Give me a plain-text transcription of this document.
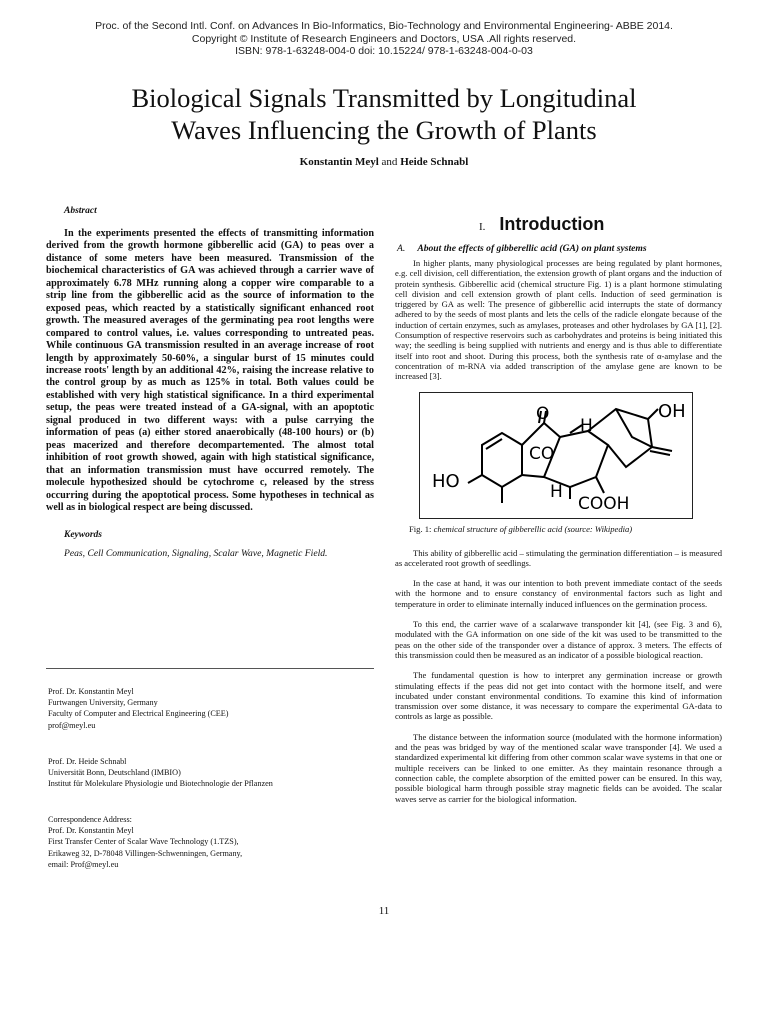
Proc. of the Second Intl. Conf. on Advances In Bio-Informatics, Bio-Technology and Environmental Engineering- ABBE 2014.
Copyright © Institute of Research Engineers and Doctors, USA .All rights reserved.
ISBN: 978-1-63248-004-0 doi: 10.15224/ 978-1-63248-004-0-03
Biological Signals Transmitted by Longitudinal
Waves Influencing the Growth of Plants
Konstantin Meyl and Heide Schnabl
Abstract

In the experiments presented the effects of transmitting information derived from the growth hormone gibberellic acid (GA) to peas over a distance of some meters have been measured. Transmission of the biochemical characteristics of GA was achieved through a carrier wave of approximately 6.78 MHz running along a copper wire comparable to a strip line from the gibberellic acid as the source of information to the exposed peas, which reacted by a statistically significant enhanced root growth. The measured averages of the germinating pea root lengths were compared to control values, i.e. values corresponding to untreated peas. While continuous GA transmission resulted in an average increase of root length by approximately 50-60%, a singular burst of 15 minutes could increase roots' length by an additional 42%, raising the increase relative to the control group by as much as 125% in total. Both values could be established with very high statistical significance. In a third experimental setup, the peas were treated instead of a GA-signal, with an apoptotic signal produced in two different ways: with a pulse carrying the information of peas (a) either stored anaerobically (48-100 hours) or (b) peas macerized and therefore decompartemented. The almost total inhibition of root growth showed, again with high statistical significance, that an information transmission must have occurred remotely. The molecule hypothesized should be cytochrome c, released by the stress occurring during the apoptotical process. Some hypotheses in technical as well as in biological respect are being discussed.

Keywords

Peas, Cell Communication, Signaling, Scalar Wave, Magnetic Field.

Prof. Dr. Konstantin Meyl
Furtwangen University, Germany
Faculty of Computer and Electrical Engineering (CEE)
prof@meyl.eu
Prof. Dr. Heide Schnabl
Universität Bonn, Deutschland (IMBIO)
Institut für Molekulare Physiologie und Biotechnologie der Pflanzen
Correspondence Address:
Prof. Dr. Konstantin Meyl
First Transfer Center of Scalar Wave Technology (1.TZS),
Erikaweg 32, D-78048 Villingen-Schwenningen, Germany,
email: Prof@meyl.eu
I. Introduction
A. About the effects of gibberellic acid (GA) on plant systems

In higher plants, many physiological processes are being regulated by plant hormones, e.g. cell division, cell differentiation, the extension growth of plant organs and the induction of protein synthesis. Gibberellic acid (chemical structure Fig. 1) is a plant hormone stimulating cell division and cell extension growth of plant cells. Induction of seed germination is triggered by GA as well: The presence of gibberellic acid interrupts the state of dormancy adhered to by the seeds of most plants and lets the cells of the radicle elongate because of the induction of certain enzymes, such as amylases, proteases and other hydrolases by GA [1], [2]. Consumption of respective reservoirs such as carbohydrates and proteins is being initiated this way; the seedling is being supplied with nutrients and energy and is thus able to differentiate itself into root and shoot. During this process, both the synthesis rate of α-amylase and the concentration of m-RNA via added transcription of the amylase gene are known to be increased [3].

OH
H
CO
O
HO	H
COOH
Fig. 1: chemical structure of gibberellic acid (source: Wikipedia)

This ability of gibberellic acid – stimulating the germination differentiation – is measured as accelerated root growth of seedlings.

In the case at hand, it was our intention to both prevent immediate contact of the seeds with the hormone and to ensure constancy of environmental factors such as light and temperature in order to eliminate internally induced influences on the germination process.

To this end, the carrier wave of a scalarwave transponder kit [4], (see Fig. 3 and 6), modulated with the GA information on one side of the kit was used to be transmitted to the peas on the other side of the transponder over a distance of approx. 3 meters. The effects of this transmission could then be measured as an indicator of a possible biological reaction.

The fundamental question is how to interpret any germination increase or growth stimulating effects if the peas did not get into contact with the hormone itself, and were incubated under constant environmental conditions. To examine this kind of information transmission over some distance, it was necessary to compare the experimental GA-data to controls as large as possible.

The distance between the information source (modulated with the hormone information) and the peas was bridged by way of the mentioned scalar wave transponder [4]. We used a standardized experimental kit differing from other common scalar wave systems in that one or multiple receivers can be linked to one emitter. As they maintain resonance through a connection cable, the complete absorption of the emitted power can be ensured. In this way, possible biological harm through possible stray magnetic fields can be avoided. The scalar waves serve as carrier for the biological information.

11
